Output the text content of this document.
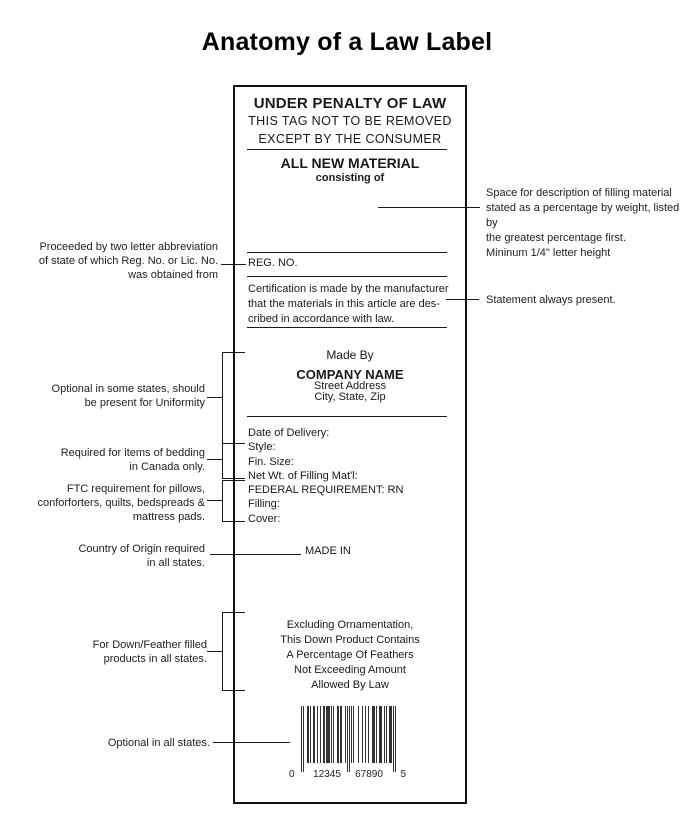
Anatomy of a Law Label
UNDER PENALTY OF LAW
THIS TAG NOT TO BE REMOVED
EXCEPT BY THE CONSUMER
ALL NEW MATERIAL
consisting of
REG. NO.
Certification is made by the manufacturer
that the materials in this article are des-
cribed in accordance with law.
Made By
COMPANY NAME
Street Address
City, State, Zip
Date of Delivery:
Style:
Fin. Size:
Net Wt. of Filling Mat'l:
FEDERAL REQUIREMENT: RN
Filling:
Cover:
MADE IN
Excluding Ornamentation,
This Down Product Contains
A Percentage Of Feathers
Not Exceeding Amount
Allowed By Law
0	12345	67890	5
Proceeded by two letter abbreviation
of state of which Reg. No. or Lic. No.
was obtained from
Optional in some states, should
be present for Uniformity
Required for items of bedding
in Canada only.
FTC requirement for pillows,
conforforters, quilts, bedspreads &
mattress pads.
Country of Origin required
in all states.
For Down/Feather filled
products in all states.
Optional in all states.
Space for description of filling material
stated as a percentage by weight, listed by
the greatest percentage first.
Mininum 1/4" letter height
Statement always present.
